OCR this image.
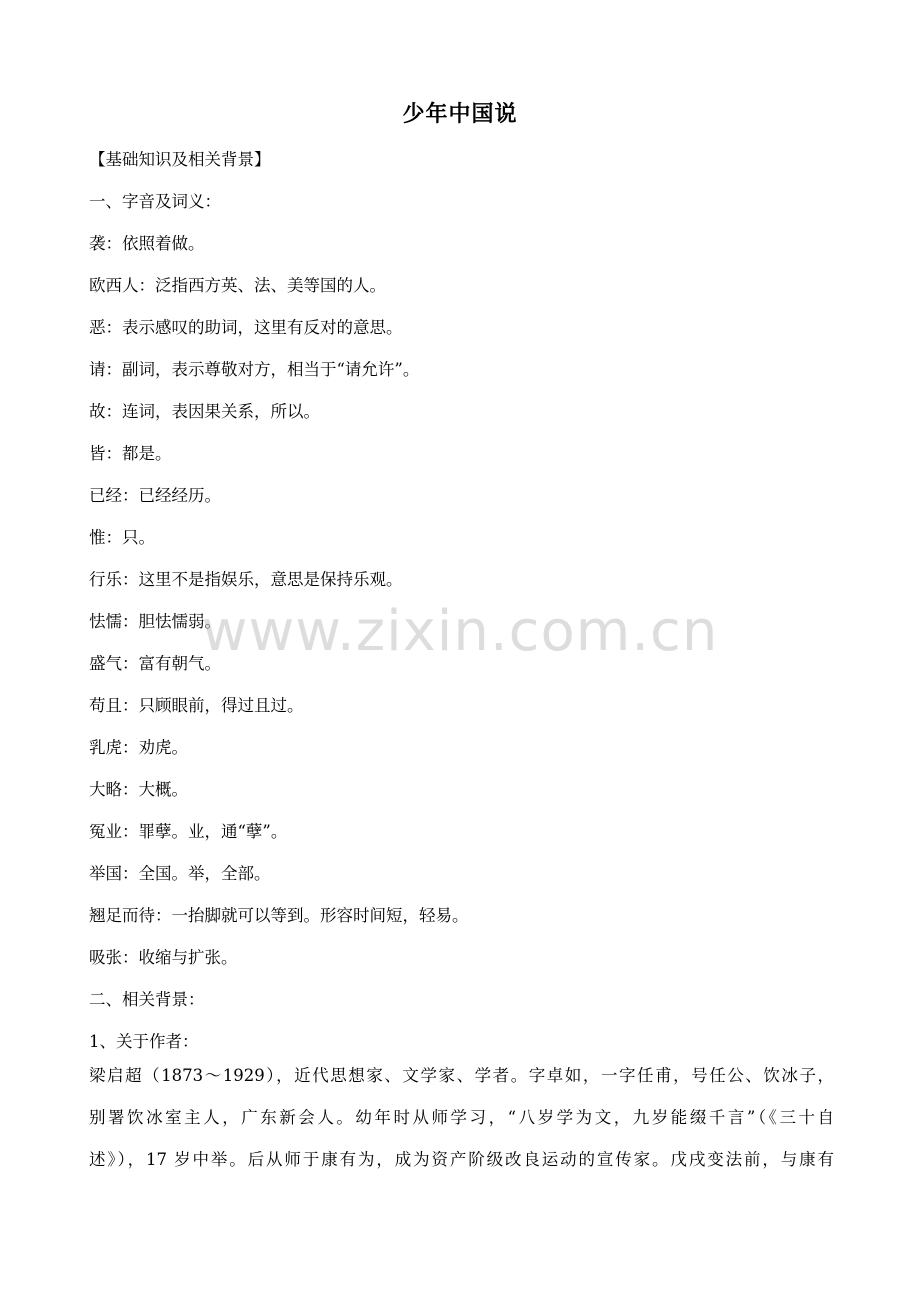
少年中国说
【基础知识及相关背景】
一、字音及词义：
袭：依照着做。
欧西人：泛指西方英、法、美等国的人。
恶：表示感叹的助词，这里有反对的意思。
请：副词，表示尊敬对方，相当于“请允许”。
故：连词，表因果关系，所以。
皆：都是。
已经：已经经历。
惟：只。
行乐：这里不是指娱乐，意思是保持乐观。
怯懦：胆怯懦弱。
盛气：富有朝气。
苟且：只顾眼前，得过且过。
乳虎：劝虎。
大略：大概。
冤业：罪孽。业，通“孽”。
举国：全国。举，全部。
翘足而待：一抬脚就可以等到。形容时间短，轻易。
吸张：收缩与扩张。
二、相关背景：
1、关于作者：
梁启超（1873～1929），近代思想家、文学家、学者。字卓如，一字任甫，号任公、饮冰子，
别署饮冰室主人，广东新会人。幼年时从师学习，“八岁学为文，九岁能缀千言”（《三十自
述》），17 岁中举。后从师于康有为，成为资产阶级改良运动的宣传家。戊戌变法前，与康有
www.zixin.com.cn
